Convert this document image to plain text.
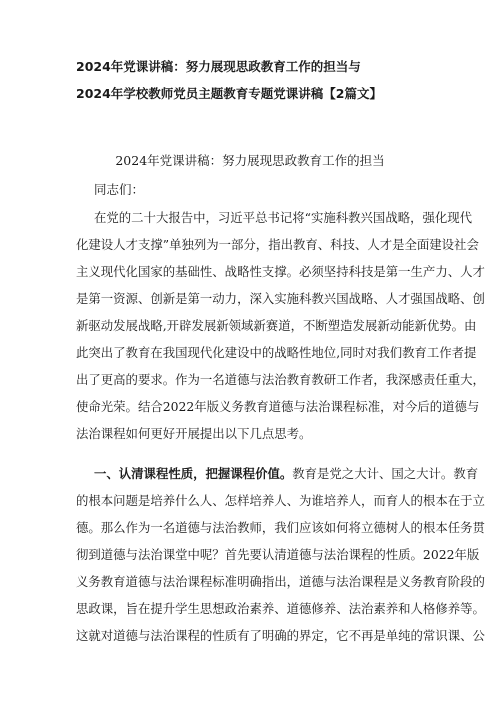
2024年党课讲稿：努力展现思政教育工作的担当与
2024年学校教师党员主题教育专题党课讲稿【2篇文】
2024年党课讲稿：努力展现思政教育工作的担当
同志们：
在党的二十大报告中，习近平总书记将“实施科教兴国战略，强化现代
化建设人才支撑”单独列为一部分，指出教育、科技、人才是全面建设社会
主义现代化国家的基础性、战略性支撑。必须坚持科技是第一生产力、人才
是第一资源、创新是第一动力，深入实施科教兴国战略、人才强国战略、创
新驱动发展战略,开辟发展新领域新赛道，不断塑造发展新动能新优势。由
此突出了教育在我国现代化建设中的战略性地位,同时对我们教育工作者提
出了更高的要求。作为一名道德与法治教育教研工作者，我深感责任重大，
使命光荣。结合2022年版义务教育道德与法治课程标准，对今后的道德与
法治课程如何更好开展提出以下几点思考。
一、认清课程性质，把握课程价值。教育是党之大计、国之大计。教育
的根本问题是培养什么人、怎样培养人、为谁培养人，而育人的根本在于立
德。那么作为一名道德与法治教师，我们应该如何将立德树人的根本任务贯
彻到道德与法治课堂中呢？首先要认清道德与法治课程的性质。2022年版
义务教育道德与法治课程标准明确指出，道德与法治课程是义务教育阶段的
思政课，旨在提升学生思想政治素养、道德修养、法治素养和人格修养等。
这就对道德与法治课程的性质有了明确的界定，它不再是单纯的常识课、公
